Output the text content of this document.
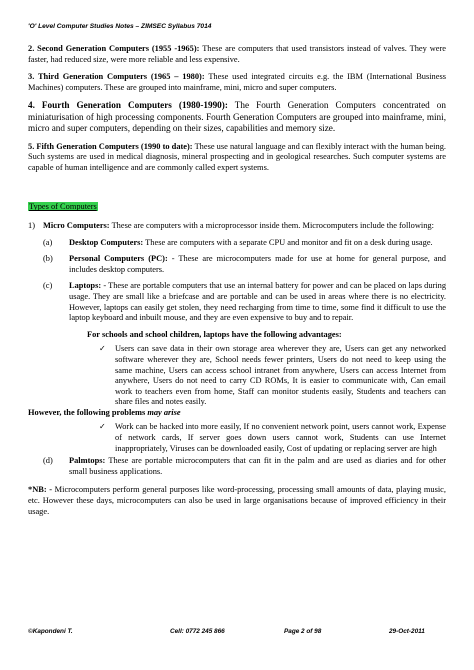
'O' Level Computer Studies Notes – ZIMSEC Syllabus 7014

2. Second Generation Computers (1955 -1965): These are computers that used transistors instead of valves. They were faster, had reduced size, were more reliable and less expensive.

3. Third Generation Computers (1965 – 1980): These used integrated circuits e.g. the IBM (International Business Machines) computers. These are grouped into mainframe, mini, micro and super computers.

4. Fourth Generation Computers (1980-1990): The Fourth Generation Computers concentrated on miniaturisation of high processing components. Fourth Generation Computers are grouped into mainframe, mini, micro and super computers, depending on their sizes, capabilities and memory size.

5. Fifth Generation Computers (1990 to date): These use natural language and can flexibly interact with the human being. Such systems are used in medical diagnosis, mineral prospecting and in geological researches. Such computer systems are capable of human intelligence and are commonly called expert systems.

Types of Computers
1) Micro Computers: These are computers with a microprocessor inside them. Microcomputers include the following:

(a) Desktop Computers: These are computers with a separate CPU and monitor and fit on a desk during usage.

(b) Personal Computers (PC): - These are microcomputers made for use at home for general purpose, and includes desktop computers.

(c) Laptops: - These are portable computers that use an internal battery for power and can be placed on laps during usage. They are small like a briefcase and are portable and can be used in areas where there is no electricity. However, laptops can easily get stolen, they need recharging from time to time, some find it difficult to use the laptop keyboard and inbuilt mouse, and they are even expensive to buy and to repair.

For schools and school children, laptops have the following advantages:
✓ Users can save data in their own storage area wherever they are, Users can get any networked software wherever they are, School needs fewer printers, Users do not need to keep using the same machine, Users can access school intranet from anywhere, Users can access Internet from anywhere, Users do not need to carry CD ROMs, It is easier to communicate with, Can email work to teachers even from home, Staff can monitor students easily, Students and teachers can share files and notes easily.

However, the following problems may arise

✓ Work can be hacked into more easily, If no convenient network point, users cannot work, Expense of network cards, If server goes down users cannot work, Students can use Internet inappropriately, Viruses can be downloaded easily, Cost of updating or replacing server are high

(d) Palmtops: These are portable microcomputers that can fit in the palm and are used as diaries and for other small business applications.

*NB: - Microcomputers perform general purposes like word-processing, processing small amounts of data, playing music, etc. However these days, microcomputers can also be used in large organisations because of improved efficiency in their usage.

©Kapondeni T.	Cell: 0772 245 866	Page 2 of 98	29-Oct-2011
